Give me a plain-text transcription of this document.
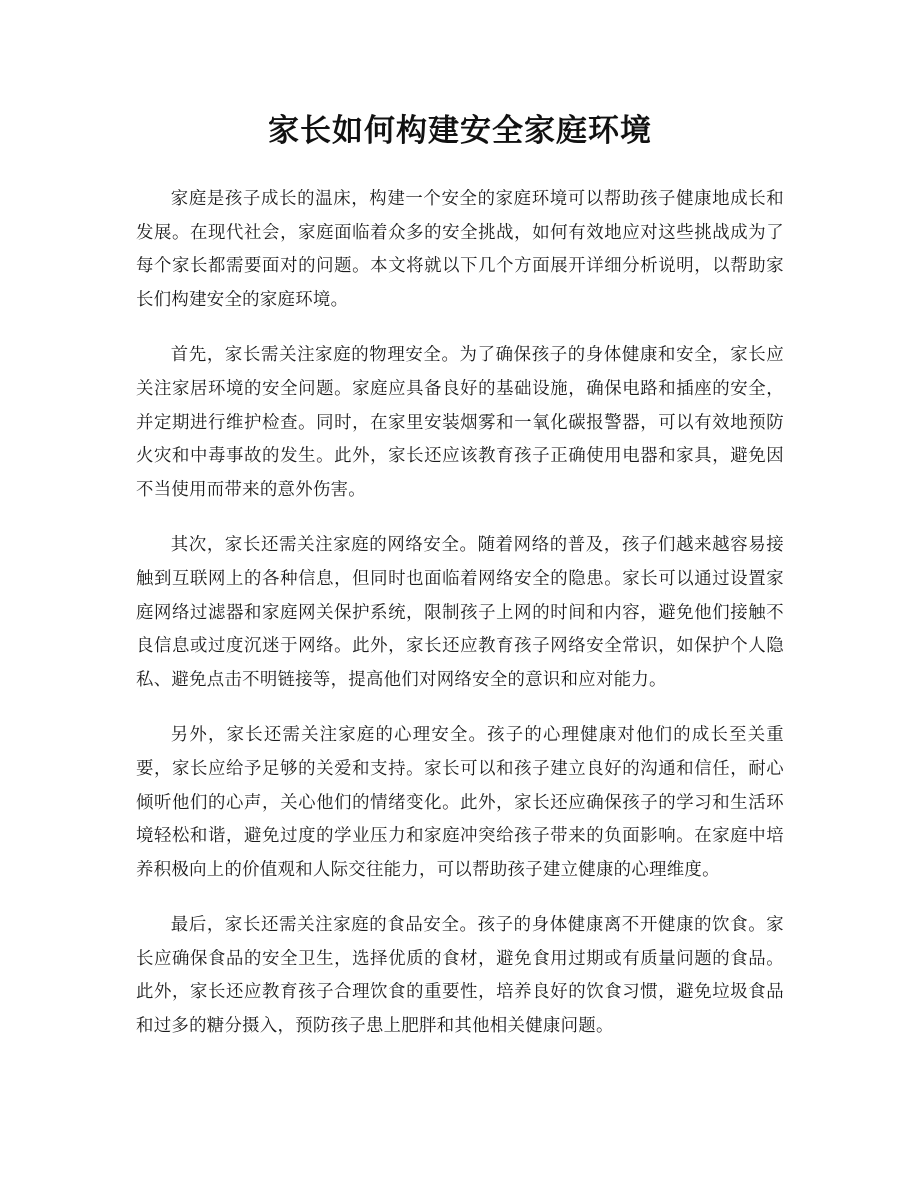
家长如何构建安全家庭环境

家庭是孩子成长的温床，构建一个安全的家庭环境可以帮助孩子健康地成长和发展。在现代社会，家庭面临着众多的安全挑战，如何有效地应对这些挑战成为了每个家长都需要面对的问题。本文将就以下几个方面展开详细分析说明，以帮助家长们构建安全的家庭环境。

首先，家长需关注家庭的物理安全。为了确保孩子的身体健康和安全，家长应关注家居环境的安全问题。家庭应具备良好的基础设施，确保电路和插座的安全，并定期进行维护检查。同时，在家里安装烟雾和一氧化碳报警器，可以有效地预防火灾和中毒事故的发生。此外，家长还应该教育孩子正确使用电器和家具，避免因不当使用而带来的意外伤害。

其次，家长还需关注家庭的网络安全。随着网络的普及，孩子们越来越容易接触到互联网上的各种信息，但同时也面临着网络安全的隐患。家长可以通过设置家庭网络过滤器和家庭网关保护系统，限制孩子上网的时间和内容，避免他们接触不良信息或过度沉迷于网络。此外，家长还应教育孩子网络安全常识，如保护个人隐私、避免点击不明链接等，提高他们对网络安全的意识和应对能力。

另外，家长还需关注家庭的心理安全。孩子的心理健康对他们的成长至关重要，家长应给予足够的关爱和支持。家长可以和孩子建立良好的沟通和信任，耐心倾听他们的心声，关心他们的情绪变化。此外，家长还应确保孩子的学习和生活环境轻松和谐，避免过度的学业压力和家庭冲突给孩子带来的负面影响。在家庭中培养积极向上的价值观和人际交往能力，可以帮助孩子建立健康的心理维度。

最后，家长还需关注家庭的食品安全。孩子的身体健康离不开健康的饮食。家长应确保食品的安全卫生，选择优质的食材，避免食用过期或有质量问题的食品。此外，家长还应教育孩子合理饮食的重要性，培养良好的饮食习惯，避免垃圾食品和过多的糖分摄入，预防孩子患上肥胖和其他相关健康问题。
